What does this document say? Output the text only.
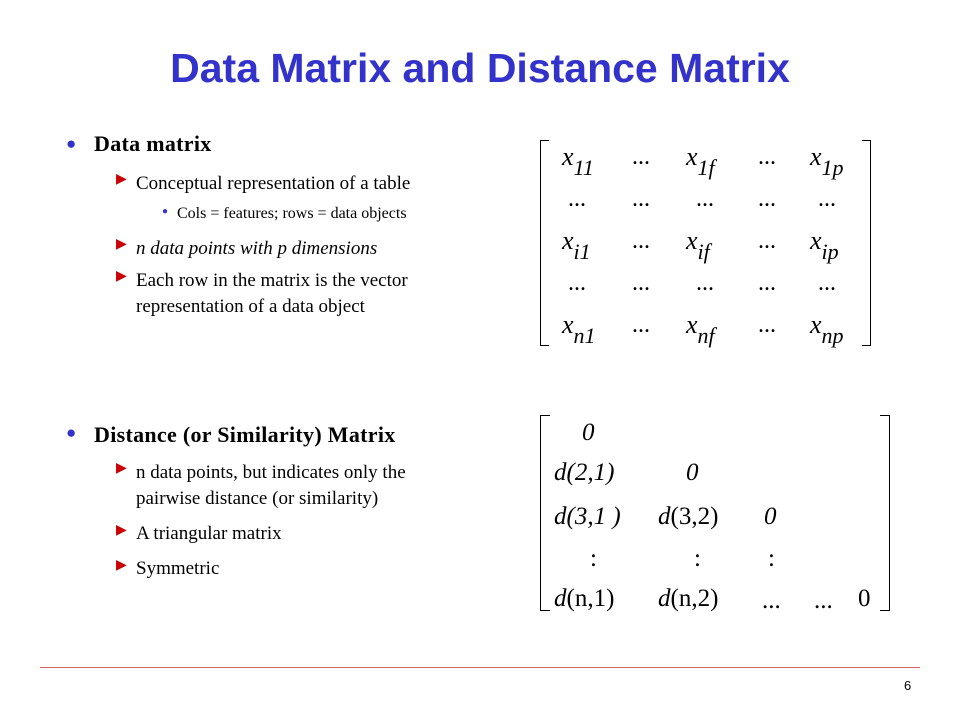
Data Matrix and Distance Matrix
● Data matrix
▶ Conceptual representation of a table
● Cols = features; rows = data objects
▶ n data points with p dimensions
▶ Each row in the matrix is the vector
representation of a data object
● Distance (or Similarity) Matrix
▶ n data points, but indicates only the
pairwise distance (or similarity)
▶ A triangular matrix
▶ Symmetric
x11 ... x1f ... x1p
... ... ... ... ...
xi1 ... xif ... xip
... ... ... ... ...
xn1 ... xnf ... xnp
0
d(2,1)	0
d(3,1 ) d(3,2) 0
:	:	:
d(n,1) d(n,2) ... ... 0
6
